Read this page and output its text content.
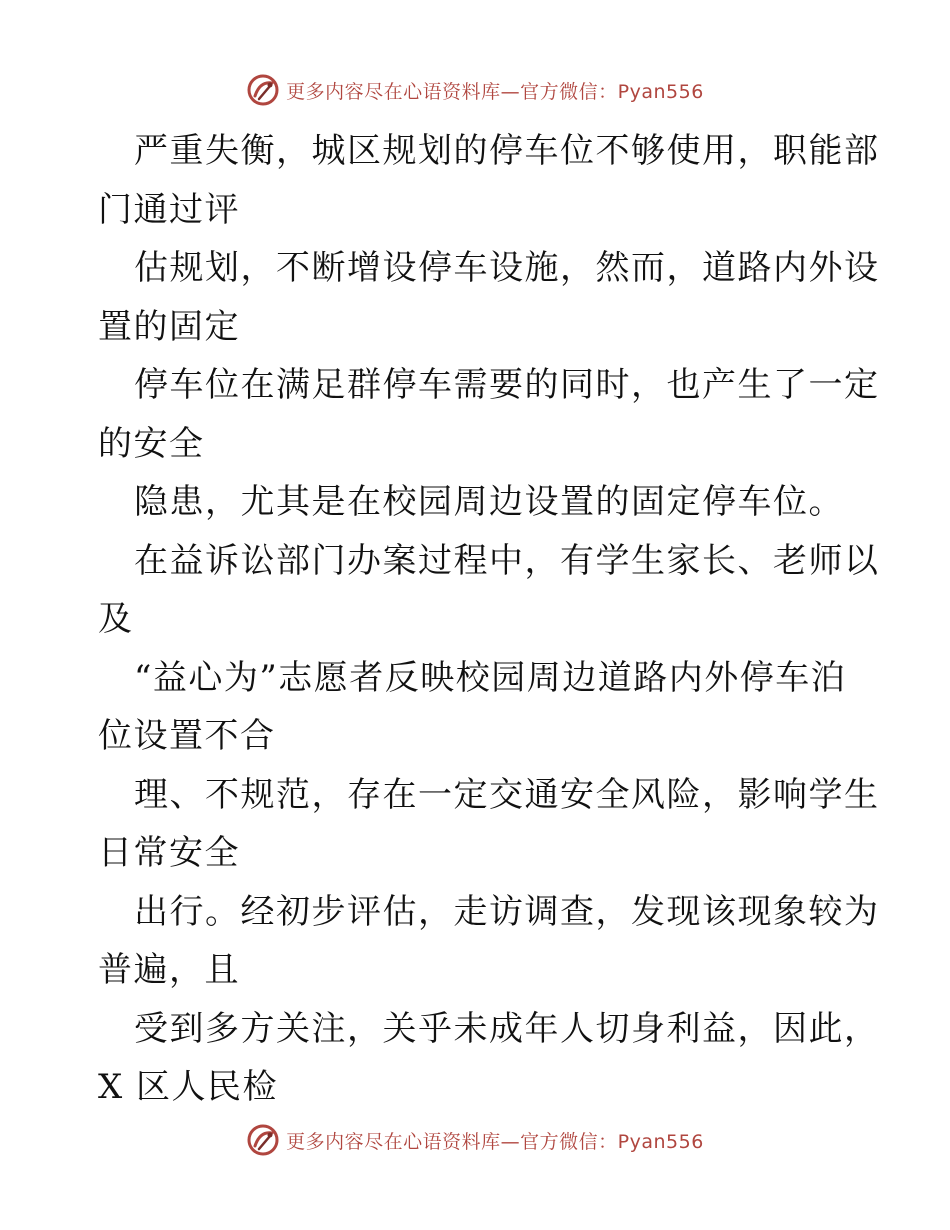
更多内容尽在心语资料库—官方微信：Pyan556

严重失衡，城区规划的停车位不够使用，职能部
门通过评

估规划，不断增设停车设施，然而，道路内外设
置的固定

停车位在满足群停车需要的同时，也产生了一定
的安全

隐患，尤其是在校园周边设置的固定停车位。

在益诉讼部门办案过程中，有学生家长、老师以
及

“益心为”志愿者反映校园周边道路内外停车泊
位设置不合

理、不规范，存在一定交通安全风险，影响学生
日常安全

出行。经初步评估，走访调查，发现该现象较为
普遍，且

受到多方关注，关乎未成年人切身利益，因此，
X 区人民检

更多内容尽在心语资料库—官方微信：Pyan556
